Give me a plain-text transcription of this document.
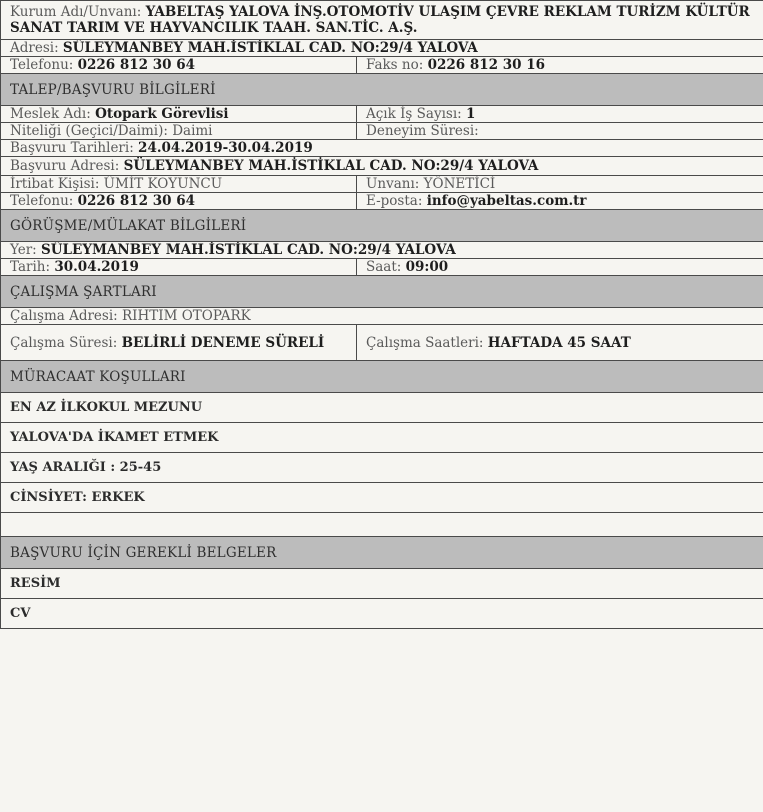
Kurum Adı/Unvanı: YABELTAŞ YALOVA İNŞ.OTOMOTİV ULAŞIM ÇEVRE REKLAM TURİZM KÜLTÜR SANAT TARIM VE HAYVANCILIK TAAH. SAN.TİC. A.Ş.	
Adresi: SÜLEYMANBEY MAH.İSTİKLAL CAD. NO:29/4 YALOVA	
Telefonu: 0226 812 30 64	Faks no: 0226 812 30 16
TALEP/BAŞVURU BİLGİLERİ	
Meslek Adı: Otopark Görevlisi	Açık İş Sayısı: 1
Niteliği (Geçici/Daimi): Daimi	Deneyim Süresi:
Başvuru Tarihleri: 24.04.2019-30.04.2019	
Başvuru Adresi: SÜLEYMANBEY MAH.İSTİKLAL CAD. NO:29/4 YALOVA	
İrtibat Kişisi: ÜMİT KOYUNCU	Unvanı: YÖNETİCİ
Telefonu: 0226 812 30 64	E-posta: info@yabeltas.com.tr
GÖRÜŞME/MÜLAKAT BİLGİLERİ	
Yer: SÜLEYMANBEY MAH.İSTİKLAL CAD. NO:29/4 YALOVA	
Tarih: 30.04.2019	Saat: 09:00
ÇALIŞMA ŞARTLARI	
Çalışma Adresi: RIHTIM OTOPARK	
Çalışma Süresi: BELİRLİ DENEME SÜRELİ	Çalışma Saatleri: HAFTADA 45 SAAT
MÜRACAAT KOŞULLARI	
EN AZ İLKOKUL MEZUNU	
YALOVA'DA İKAMET ETMEK	
YAŞ ARALIĞI : 25-45	
CİNSİYET: ERKEK	

BAŞVURU İÇİN GEREKLİ BELGELER	
RESİM	
CV	
